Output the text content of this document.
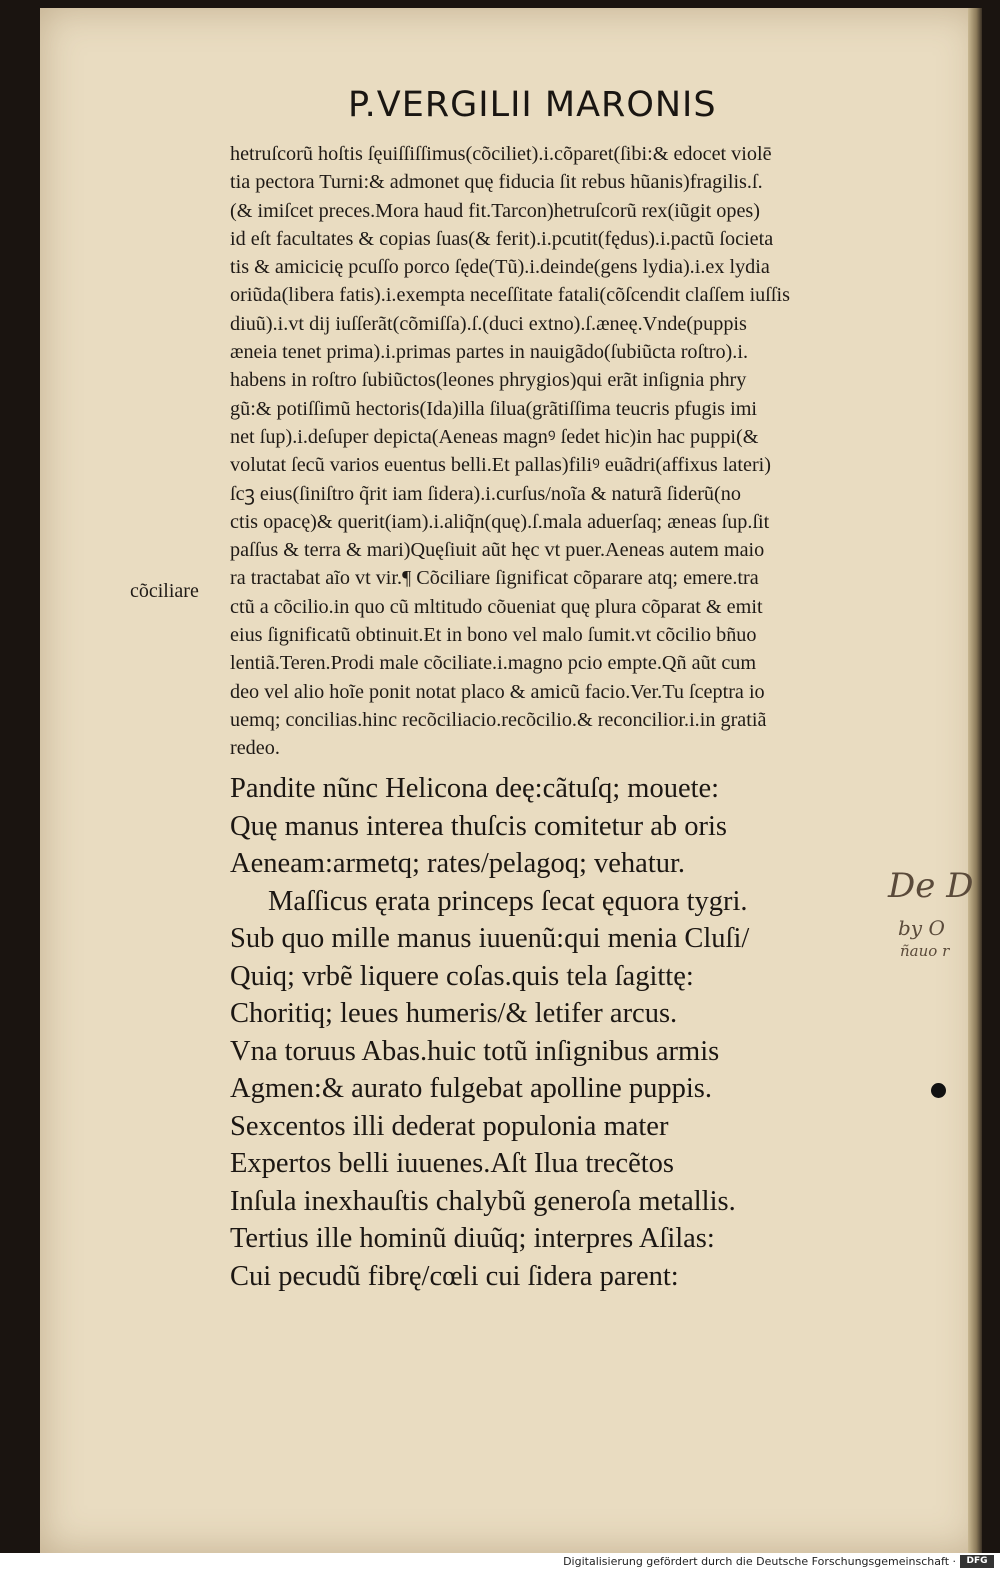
P.VERGILII MARONIS
hetruſcorũ hoſtis ſęuiſſiſſimus(cõciliet).i.cõparet(ſibi:& edocet violē
tia pectora Turni:& admonet quę fiducia ſit rebus hũanis)fragilis.ſ.
(& imiſcet preces.Mora haud fit.Tarcon)hetruſcorũ rex(iũgit opes)
id eſt facultates & copias ſuas(& ferit).i.pcutit(fędus).i.pactũ ſocieta
tis & amicicię pcuſſo porco ſęde(Tũ).i.deinde(gens lydia).i.ex lydia
oriũda(libera fatis).i.exempta neceſſitate fatali(cõſcendit claſſem iuſſis
diuũ).i.vt dij iuſſerãt(cõmiſſa).ſ.(duci extno).ſ.æneę.Vnde(puppis
æneia tenet prima).i.primas partes in nauigãdo(ſubiũcta roſtro).i.
habens in roſtro ſubiũctos(leones phrygios)qui erãt inſignia phry
gũ:& potiſſimũ hectoris(Ida)illa ſilua(grãtiſſima teucris pfugis imi
net ſup).i.deſuper depicta(Aeneas magnꝰ ſedet hic)in hac puppi(&
volutat ſecũ varios euentus belli.Et pallas)filiꝰ euãdri(affixus lateri)
ſcꝫ eius(ſiniſtro q̃rit iam ſidera).i.curſus/noĩa & naturã ſiderũ(no
ctis opacę)& querit(iam).i.aliq̃n(quę).ſ.mala aduerſaq; æneas ſup.ſit
paſſus & terra & mari)Quęſiuit aũt hęc vt puer.Aeneas autem maio
ra tractabat aĩo vt vir.¶ Cõciliare ſignificat cõparare atq; emere.tra
ctũ a cõcilio.in quo cũ mltitudo cõueniat quę plura cõparat & emit
eius ſignificatũ obtinuit.Et in bono vel malo ſumit.vt cõcilio bñuo
lentiã.Teren.Prodi male cõciliate.i.magno pcio empte.Qñ aũt cum
deo vel alio hoĩe ponit notat placo & amicũ facio.Ver.Tu ſceptra io
uemq; concilias.hinc recõciliacio.recõcilio.& reconcilior.i.in gratiã
redeo.
cõciliare
Pandite nũnc Helicona deę:cãtuſq; mouete:
Quę manus interea thuſcis comitetur ab oris
Aeneam:armetq; rates/pelagoq; vehatur.
Maſſicus ęrata princeps ſecat ęquora tygri.
Sub quo mille manus iuuenũ:qui menia Cluſi/
Quiq; vrbẽ liquere coſas.quis tela ſagittę:
Choritiq; leues humeris/& letifer arcus.
Vna toruus Abas.huic totũ inſignibus armis
Agmen:& aurato fulgebat apolline puppis.
Sexcentos illi dederat populonia mater
Expertos belli iuuenes.Aſt Ilua trecẽtos
Inſula inexhauſtis chalybũ generoſa metallis.
Tertius ille hominũ diuũq; interpres Aſilas:
Cui pecudũ fibrę/cœli cui ſidera parent:
De D
by O
ñauo r
Digitalisierung gefördert durch die Deutsche Forschungsgemeinschaft ·	DFG
